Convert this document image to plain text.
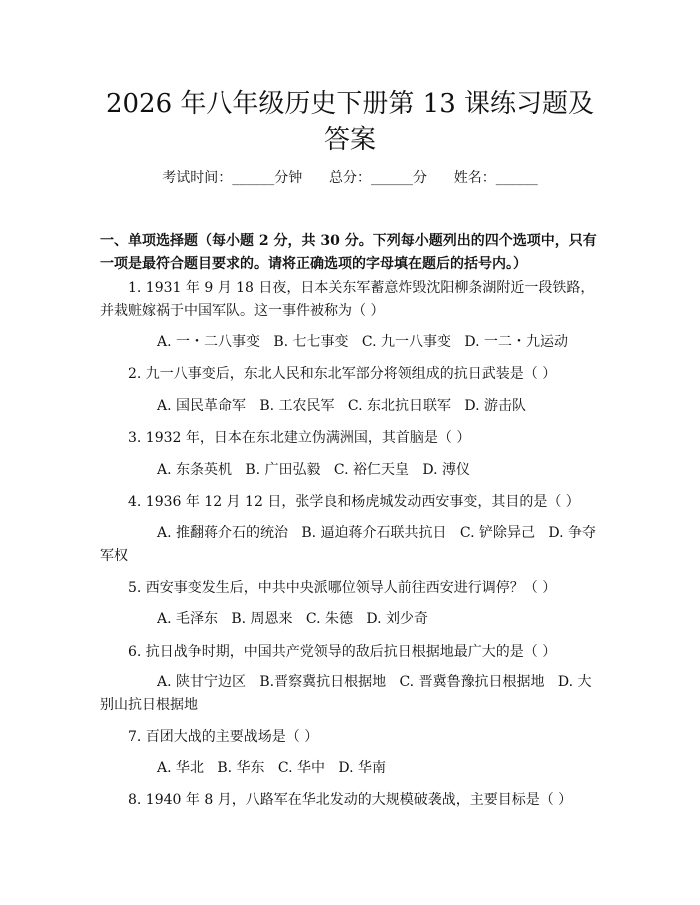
2026 年八年级历史下册第 13 课练习题及答案
考试时间：______分钟      总分：______分      姓名：______

一、单项选择题（每小题 2 分，共 30 分。下列每小题列出的四个选项中，只有一项是最符合题目要求的。请将正确选项的字母填在题后的括号内。）

1. 1931 年 9 月 18 日夜，日本关东军蓄意炸毁沈阳柳条湖附近一段铁路，并栽赃嫁祸于中国军队。这一事件被称为（ ）

A. 一・二八事变   B. 七七事变   C. 九一八事变   D. 一二・九运动

2. 九一八事变后，东北人民和东北军部分将领组成的抗日武装是（ ）

A. 国民革命军   B. 工农民军   C. 东北抗日联军   D. 游击队

3. 1932 年，日本在东北建立伪满洲国，其首脑是（ ）

A. 东条英机   B. 广田弘毅   C. 裕仁天皇   D. 溥仪

4. 1936 年 12 月 12 日，张学良和杨虎城发动西安事变，其目的是（ ）

A. 推翻蒋介石的统治   B. 逼迫蒋介石联共抗日   C. 铲除异己   D. 争夺军权

5. 西安事变发生后，中共中央派哪位领导人前往西安进行调停？（ ）

A. 毛泽东   B. 周恩来   C. 朱德   D. 刘少奇

6. 抗日战争时期，中国共产党领导的敌后抗日根据地最广大的是（ ）

A. 陕甘宁边区   B.晋察冀抗日根据地   C. 晋冀鲁豫抗日根据地   D. 大别山抗日根据地

7. 百团大战的主要战场是（ ）

A. 华北   B. 华东   C. 华中   D. 华南

8. 1940 年 8 月，八路军在华北发动的大规模破袭战，主要目标是（ ）
